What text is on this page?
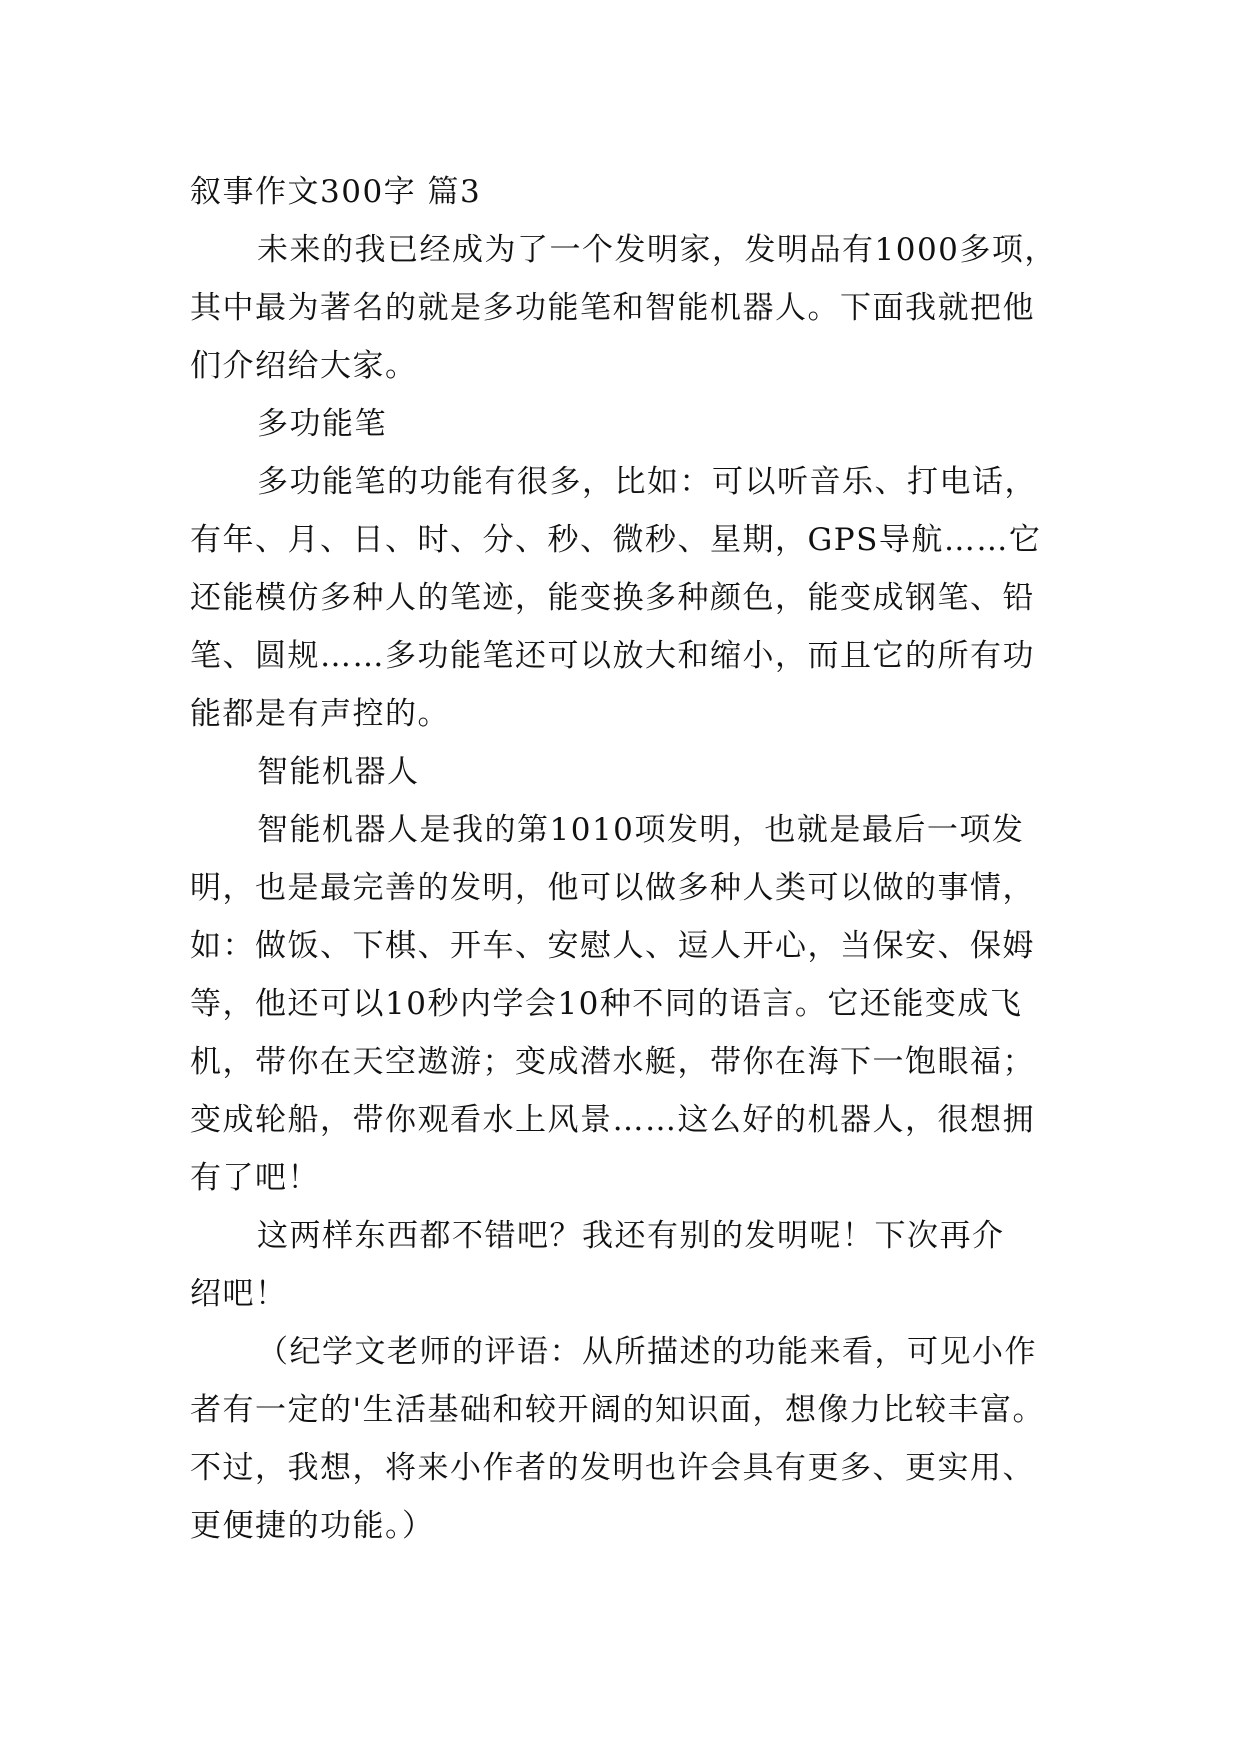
叙事作文300字 篇3
未来的我已经成为了一个发明家，发明品有1000多项，
其中最为著名的就是多功能笔和智能机器人。下面我就把他
们介绍给大家。
多功能笔
多功能笔的功能有很多，比如：可以听音乐、打电话，
有年、月、日、时、分、秒、微秒、星期，GPS导航……它
还能模仿多种人的笔迹，能变换多种颜色，能变成钢笔、铅
笔、圆规……多功能笔还可以放大和缩小，而且它的所有功
能都是有声控的。
智能机器人
智能机器人是我的第1010项发明，也就是最后一项发
明，也是最完善的发明，他可以做多种人类可以做的事情，
如：做饭、下棋、开车、安慰人、逗人开心，当保安、保姆
等，他还可以10秒内学会10种不同的语言。它还能变成飞
机，带你在天空遨游；变成潜水艇，带你在海下一饱眼福；
变成轮船，带你观看水上风景……这么好的机器人，很想拥
有了吧！
这两样东西都不错吧？我还有别的发明呢！下次再介
绍吧！
（纪学文老师的评语：从所描述的功能来看，可见小作
者有一定的'生活基础和较开阔的知识面，想像力比较丰富。
不过，我想，将来小作者的发明也许会具有更多、更实用、
更便捷的功能。）
